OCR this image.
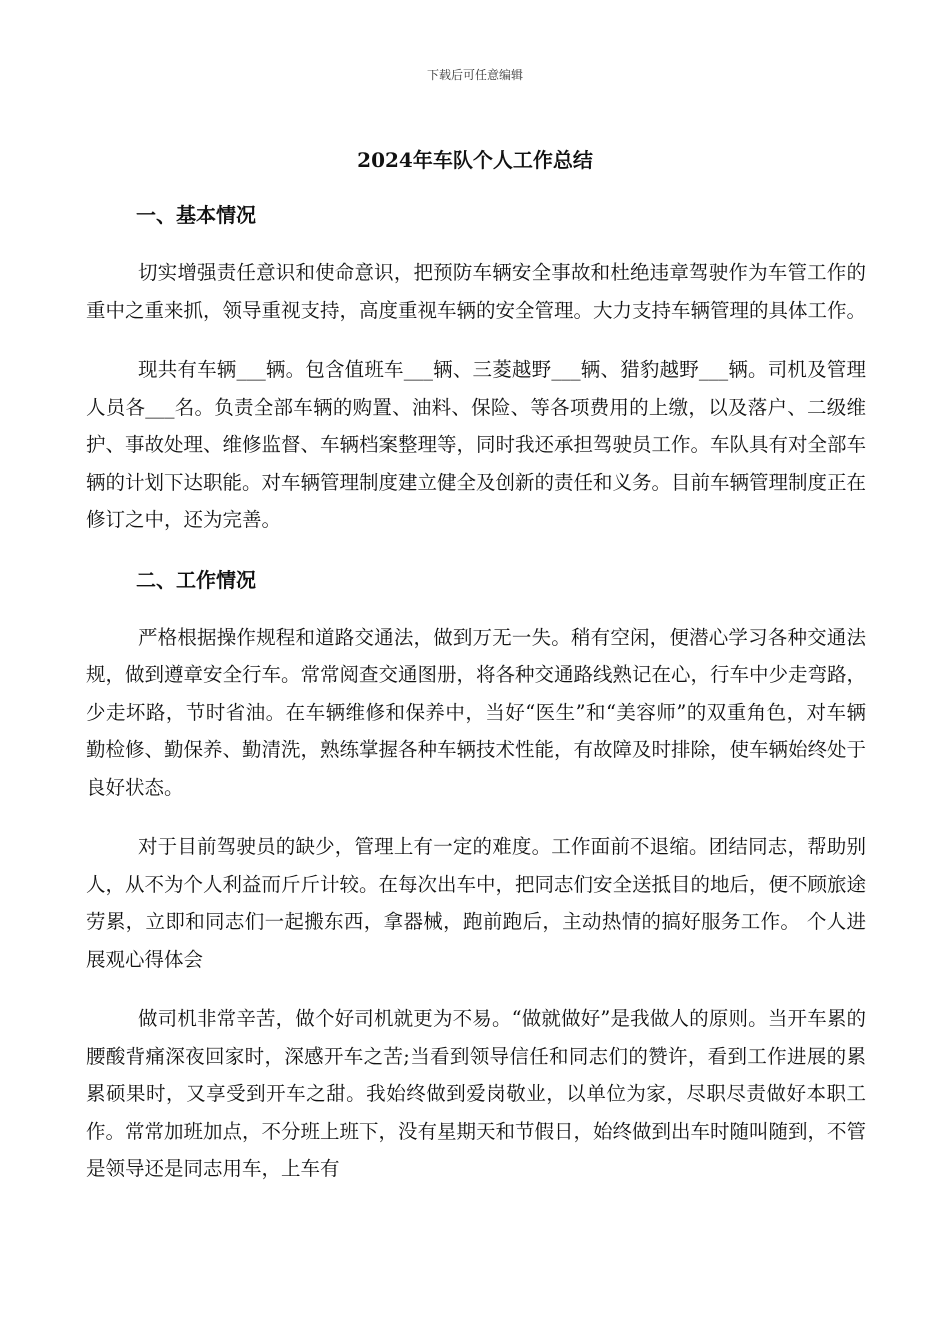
下载后可任意编辑
2024年车队个人工作总结
一、基本情况

切实增强责任意识和使命意识，把预防车辆安全事故和杜绝违章驾驶作为车管工作的重中之重来抓，领导重视支持，高度重视车辆的安全管理。大力支持车辆管理的具体工作。

现共有车辆___辆。包含值班车___辆、三菱越野___辆、猎豹越野___辆。司机及管理人员各___名。负责全部车辆的购置、油料、保险、等各项费用的上缴，以及落户、二级维护、事故处理、维修监督、车辆档案整理等，同时我还承担驾驶员工作。车队具有对全部车辆的计划下达职能。对车辆管理制度建立健全及创新的责任和义务。目前车辆管理制度正在修订之中，还为完善。

二、工作情况

严格根据操作规程和道路交通法，做到万无一失。稍有空闲，便潜心学习各种交通法规，做到遵章安全行车。常常阅查交通图册，将各种交通路线熟记在心，行车中少走弯路，少走坏路，节时省油。在车辆维修和保养中，当好“医生”和“美容师”的双重角色，对车辆勤检修、勤保养、勤清洗，熟练掌握各种车辆技术性能，有故障及时排除，使车辆始终处于良好状态。

对于目前驾驶员的缺少，管理上有一定的难度。工作面前不退缩。团结同志，帮助别人，从不为个人利益而斤斤计较。在每次出车中，把同志们安全送抵目的地后，便不顾旅途劳累，立即和同志们一起搬东西，拿器械，跑前跑后，主动热情的搞好服务工作。 个人进展观心得体会

做司机非常辛苦，做个好司机就更为不易。“做就做好”是我做人的原则。当开车累的腰酸背痛深夜回家时，深感开车之苦;当看到领导信任和同志们的赞许，看到工作进展的累累硕果时，又享受到开车之甜。我始终做到爱岗敬业，以单位为家，尽职尽责做好本职工作。常常加班加点，不分班上班下，没有星期天和节假日，始终做到出车时随叫随到，不管是领导还是同志用车，上车有
